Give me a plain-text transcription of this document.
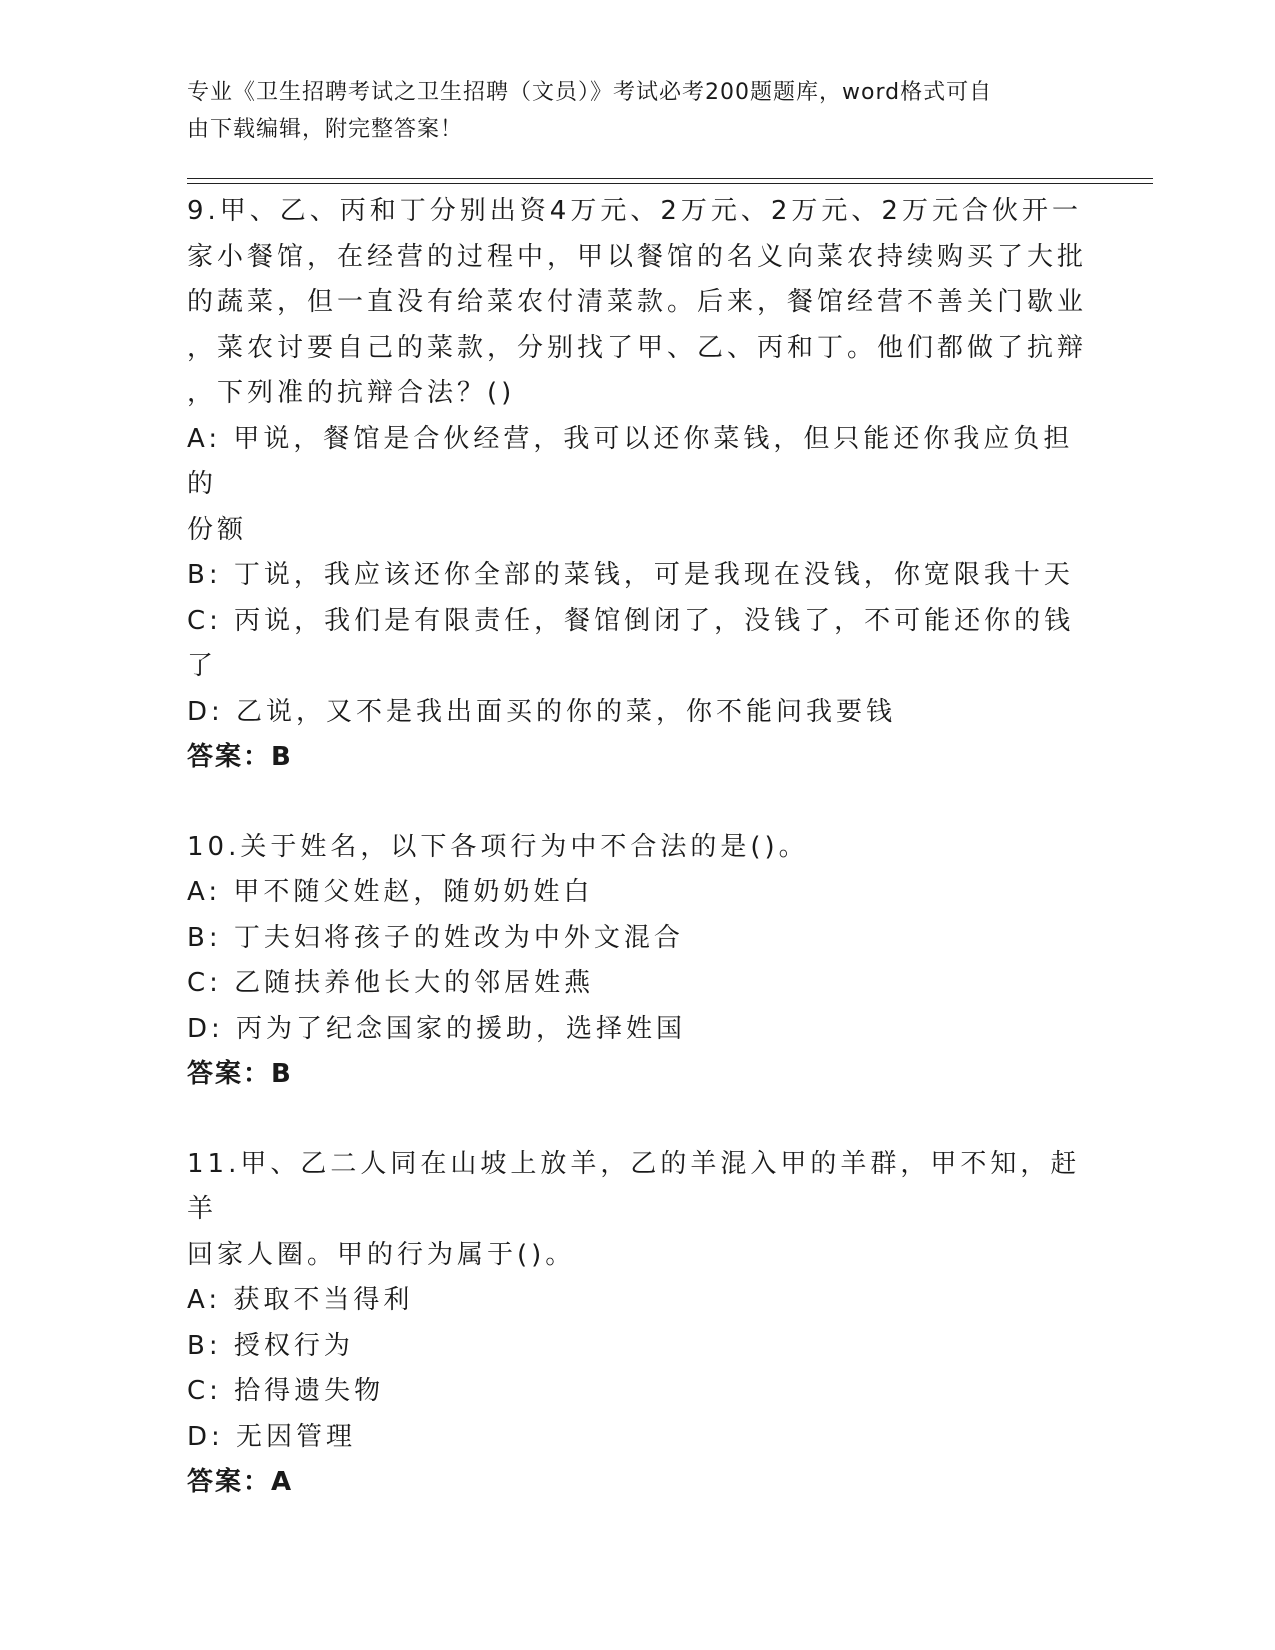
专业《卫生招聘考试之卫生招聘（文员）》考试必考200题题库，word格式可自
由下载编辑，附完整答案！
9.甲、乙、丙和丁分别出资4万元、2万元、2万元、2万元合伙开一
家小餐馆，在经营的过程中，甲以餐馆的名义向菜农持续购买了大批
的蔬菜，但一直没有给菜农付清菜款。后来，餐馆经营不善关门歇业
，菜农讨要自己的菜款，分别找了甲、乙、丙和丁。他们都做了抗辩
，下列准的抗辩合法？()
A: 甲说，餐馆是合伙经营，我可以还你菜钱，但只能还你我应负担的
份额
B: 丁说，我应该还你全部的菜钱，可是我现在没钱，你宽限我十天
C: 丙说，我们是有限责任，餐馆倒闭了，没钱了，不可能还你的钱了
D: 乙说，又不是我出面买的你的菜，你不能问我要钱
答案：B
10.关于姓名，以下各项行为中不合法的是()。
A: 甲不随父姓赵，随奶奶姓白
B: 丁夫妇将孩子的姓改为中外文混合
C: 乙随扶养他长大的邻居姓燕
D: 丙为了纪念国家的援助，选择姓国
答案：B
11.甲、乙二人同在山坡上放羊，乙的羊混入甲的羊群，甲不知，赶羊
回家人圈。甲的行为属于()。
A: 获取不当得利
B: 授权行为
C: 拾得遗失物
D: 无因管理
答案：A
